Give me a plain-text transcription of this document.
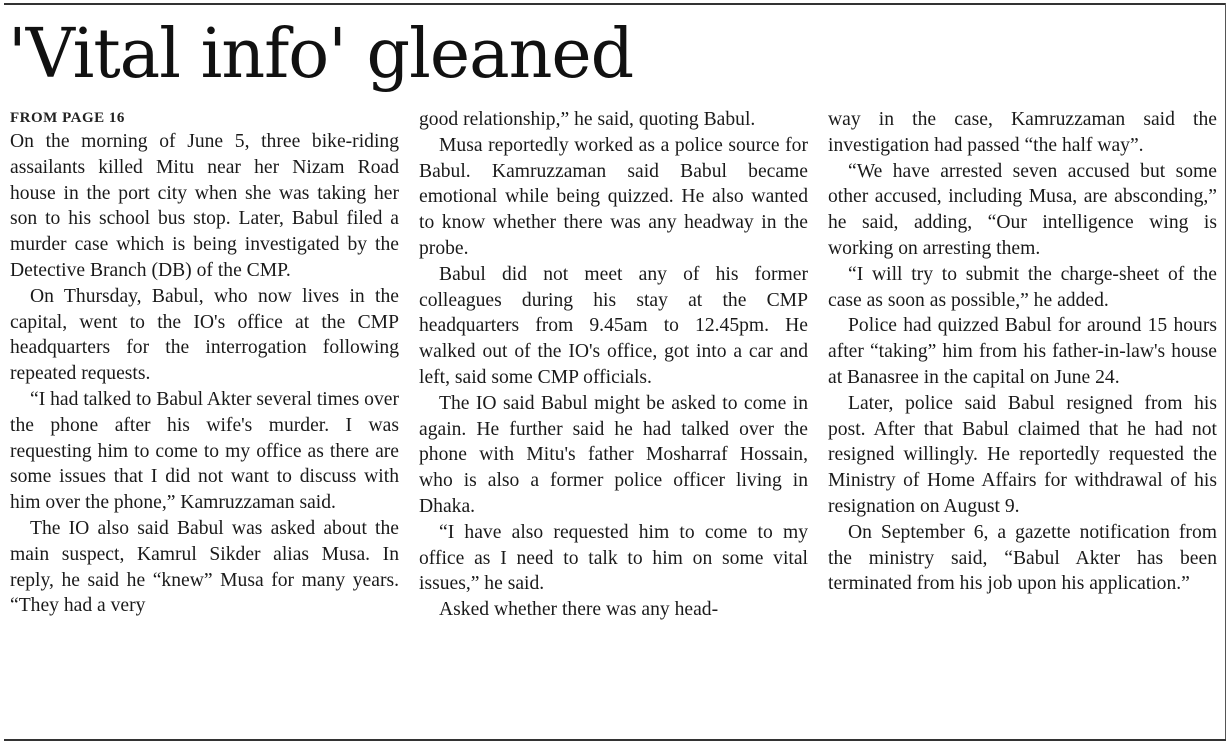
'Vital info' gleaned
FROM PAGE 16

On the morning of June 5, three bike-riding assailants killed Mitu near her Nizam Road house in the port city when she was taking her son to his school bus stop. Later, Babul filed a murder case which is being investigated by the Detective Branch (DB) of the CMP.

On Thursday, Babul, who now lives in the capital, went to the IO's office at the CMP headquarters for the interrogation following repeated requests.

“I had talked to Babul Akter several times over the phone after his wife's murder. I was requesting him to come to my office as there are some issues that I did not want to discuss with him over the phone,” Kamruzzaman said.

The IO also said Babul was asked about the main suspect, Kamrul Sikder alias Musa. In reply, he said he “knew” Musa for many years. “They had a very

good relationship,” he said, quoting Babul.

Musa reportedly worked as a police source for Babul. Kamruzzaman said Babul became emotional while being quizzed. He also wanted to know whether there was any headway in the probe.

Babul did not meet any of his former colleagues during his stay at the CMP headquarters from 9.45am to 12.45pm. He walked out of the IO's office, got into a car and left, said some CMP officials.

The IO said Babul might be asked to come in again. He further said he had talked over the phone with Mitu's father Mosharraf Hossain, who is also a former police officer living in Dhaka.

“I have also requested him to come to my office as I need to talk to him on some vital issues,” he said.

Asked whether there was any head-

way in the case, Kamruzzaman said the investigation had passed “the half way”.

“We have arrested seven accused but some other accused, including Musa, are absconding,” he said, adding, “Our intelligence wing is working on arresting them.

“I will try to submit the charge-sheet of the case as soon as possible,” he added.

Police had quizzed Babul for around 15 hours after “taking” him from his father-in-law's house at Banasree in the capital on June 24.

Later, police said Babul resigned from his post. After that Babul claimed that he had not resigned willingly. He reportedly requested the Ministry of Home Affairs for withdrawal of his resignation on August 9.

On September 6, a gazette notification from the ministry said, “Babul Akter has been terminated from his job upon his application.”
